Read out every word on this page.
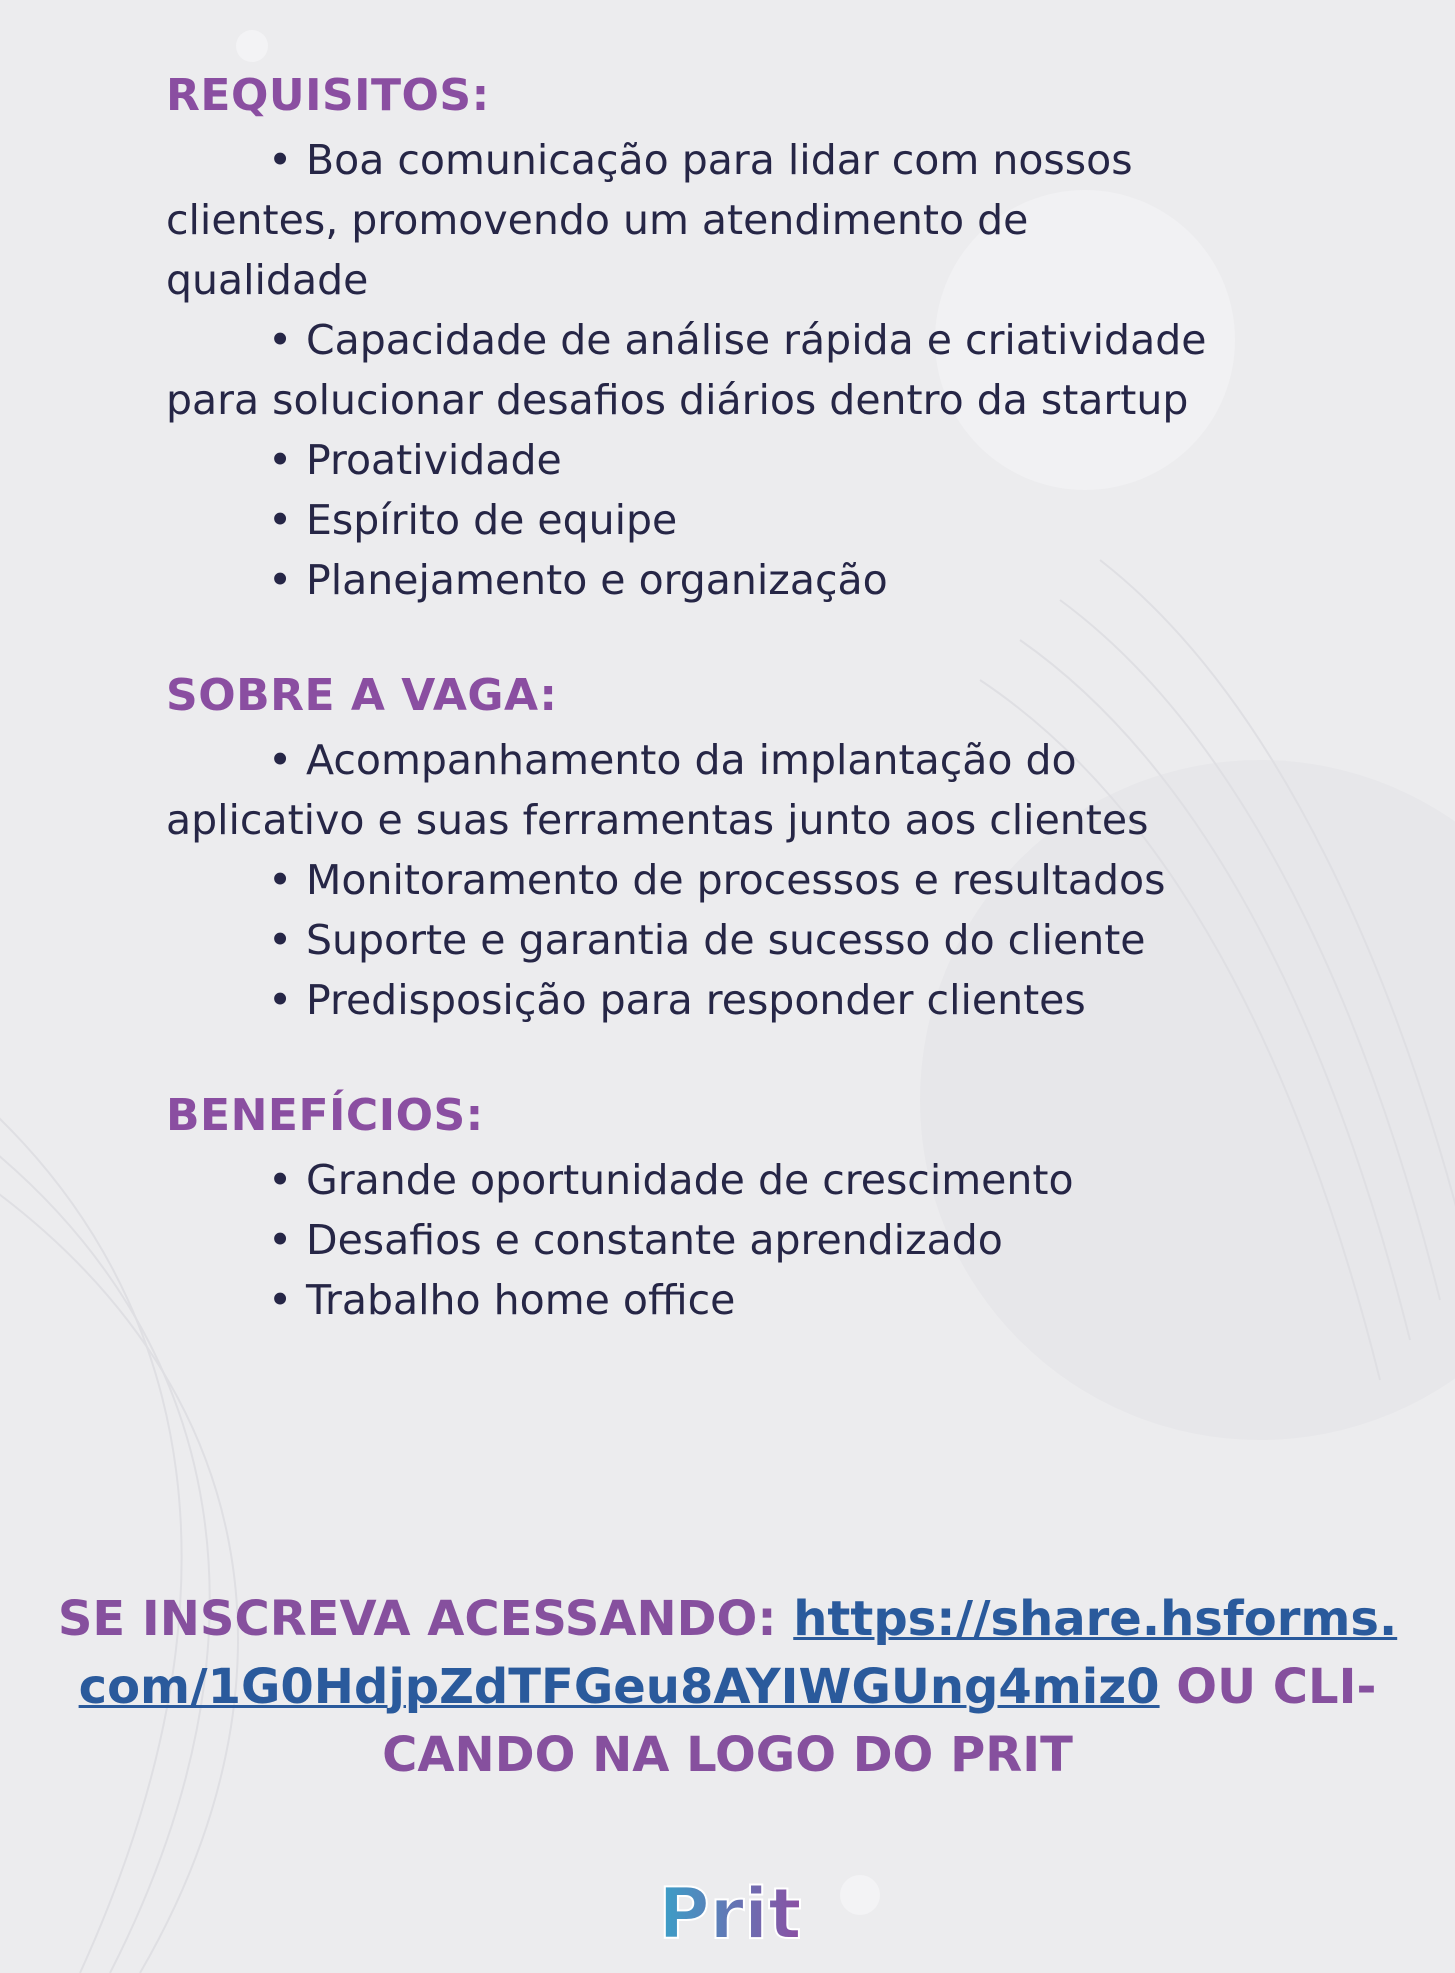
REQUISITOS:

• Boa comunicação para lidar com nossos

clientes, promovendo um atendimento de

qualidade

• Capacidade de análise rápida e criatividade

para solucionar desafios diários dentro da startup

• Proatividade

• Espírito de equipe

• Planejamento e organização

SOBRE A VAGA:

• Acompanhamento da implantação do

aplicativo e suas ferramentas junto aos clientes

• Monitoramento de processos e resultados

• Suporte e garantia de sucesso do cliente

• Predisposição para responder clientes

BENEFÍCIOS:

• Grande oportunidade de crescimento

• Desafios e constante aprendizado

• Trabalho home office

SE INSCREVA ACESSANDO: https://share.hsforms.

com/1G0HdjpZdTFGeu8AYIWGUng4miz0 OU CLI-

CANDO NA LOGO DO PRIT

Prit
